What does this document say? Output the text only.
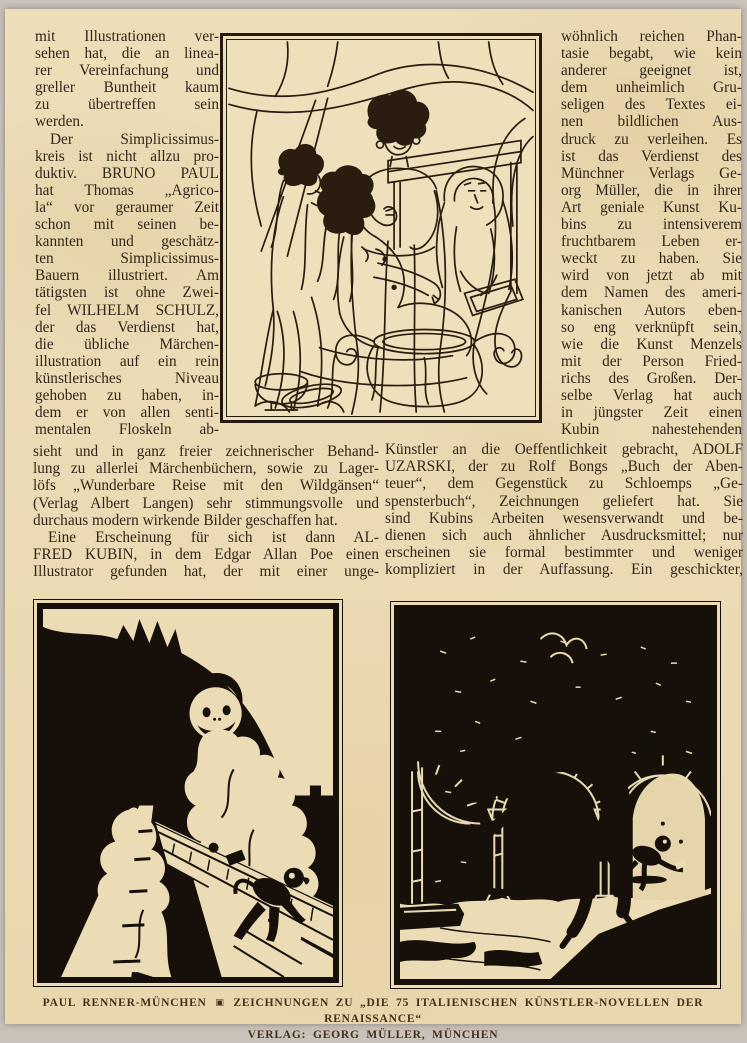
mit Illustrationen ver-
sehen hat, die an linea-
rer Vereinfachung und
greller Buntheit kaum
zu übertreffen sein
werden.
Der Simplicissimus-
kreis ist nicht allzu pro-
duktiv. BRUNO PAUL
hat Thomas „Agrico-
la“ vor geraumer Zeit
schon mit seinen be-
kannten und geschätz-
ten Simplicissimus-
Bauern illustriert. Am
tätigsten ist ohne Zwei-
fel WILHELM SCHULZ,
der das Verdienst hat,
die übliche Märchen-
illustration auf ein rein
künstlerisches Niveau
gehoben zu haben, in-
dem er von allen senti-
mentalen Floskeln ab-
wöhnlich reichen Phan-
tasie begabt, wie kein
anderer geeignet ist,
dem unheimlich Gru-
seligen des Textes ei-
nen bildlichen Aus-
druck zu verleihen. Es
ist das Verdienst des
Münchner Verlags Ge-
org Müller, die in ihrer
Art geniale Kunst Ku-
bins zu intensiverem
fruchtbarem Leben er-
weckt zu haben. Sie
wird von jetzt ab mit
dem Namen des ameri-
kanischen Autors eben-
so eng verknüpft sein,
wie die Kunst Menzels
mit der Person Fried-
richs des Großen. Der-
selbe Verlag hat auch
in jüngster Zeit einen
Kubin nahestehenden
sieht und in ganz freier zeichnerischer Behand-
lung zu allerlei Märchenbüchern, sowie zu Lager-
löfs „Wunderbare Reise mit den Wildgänsen“
(Verlag Albert Langen) sehr stimmungsvolle und
durchaus modern wirkende Bilder geschaffen hat.
Eine Erscheinung für sich ist dann AL-
FRED KUBIN, in dem Edgar Allan Poe einen
Illustrator gefunden hat, der mit einer unge-
Künstler an die Oeffentlichkeit gebracht, ADOLF
UZARSKI, der zu Rolf Bongs „Buch der Aben-
teuer“, dem Gegenstück zu Schloemps „Ge-
spensterbuch“, Zeichnungen geliefert hat. Sie
sind Kubins Arbeiten wesensverwandt und be-
dienen sich auch ähnlicher Ausdrucksmittel; nur
erscheinen sie formal bestimmter und weniger
kompliziert in der Auffassung. Ein geschickter,
PAUL RENNER-MÜNCHEN ▣ ZEICHNUNGEN ZU „DIE 75 ITALIENISCHEN KÜNSTLER-NOVELLEN DER RENAISSANCE“
VERLAG: GEORG MÜLLER, MÜNCHEN
